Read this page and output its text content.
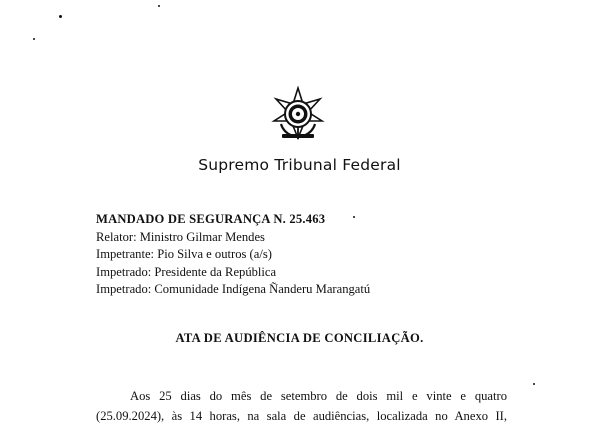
Supremo Tribunal Federal
MANDADO DE SEGURANÇA N. 25.463
Relator: Ministro Gilmar Mendes
Impetrante: Pio Silva e outros (a/s)
Impetrado: Presidente da República
Impetrado: Comunidade Indígena Ñanderu Marangatú
ATA DE AUDIÊNCIA DE CONCILIAÇÃO.
Aos 25 dias do mês de setembro de dois mil e vinte e quatro
(25.09.2024), às 14 horas, na sala de audiências, localizada no Anexo II,
